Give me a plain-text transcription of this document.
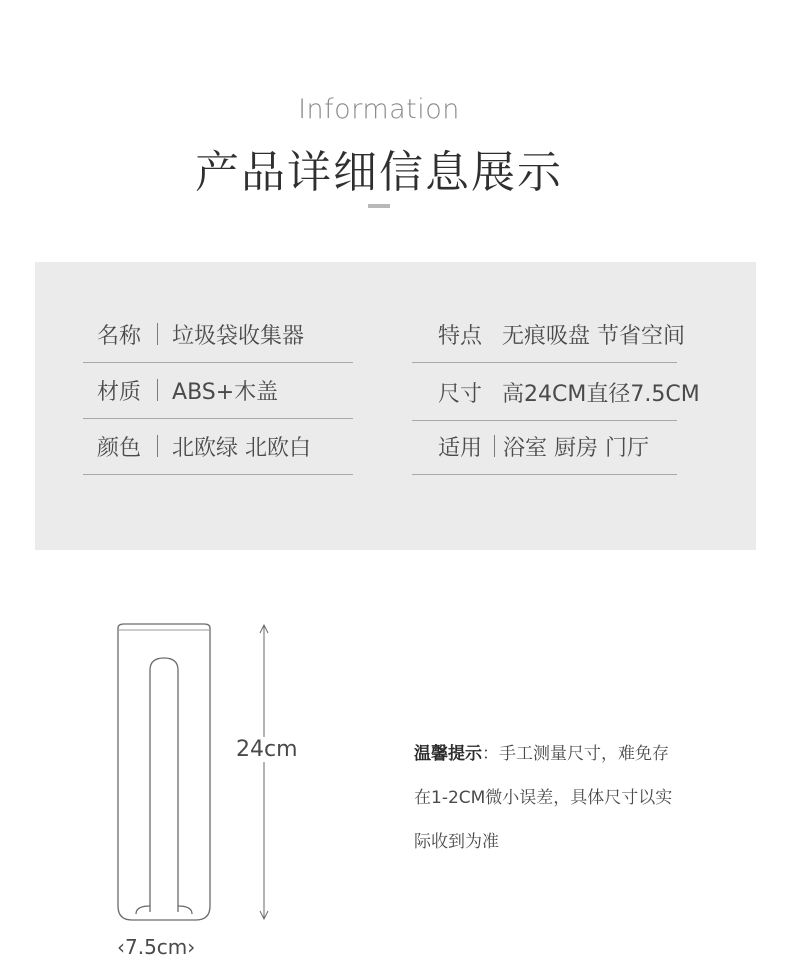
Information
产品详细信息展示
名称 垃圾袋收集器
材质 ABS+木盖
颜色 北欧绿 北欧白
特点 无痕吸盘 节省空间
尺寸 高24CM直径7.5CM
适用 浴室 厨房 门厅
24cm
‹7.5cm›
温馨提示：手工测量尺寸，难免存
在1-2CM微小误差，具体尺寸以实
际收到为准
